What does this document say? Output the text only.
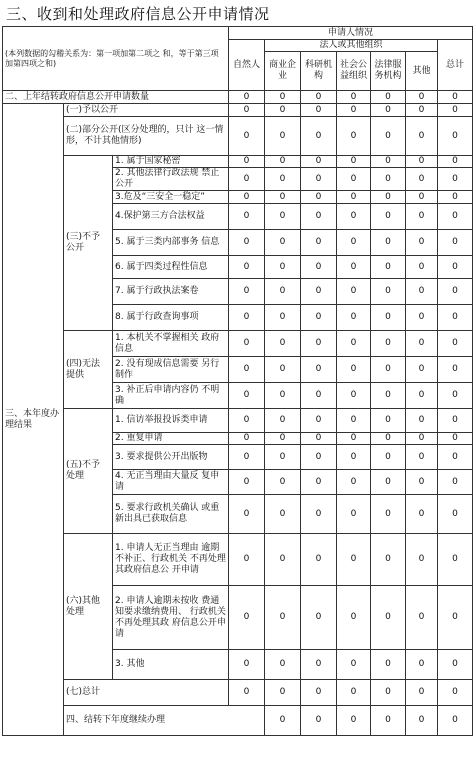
三、收到和处理政府信息公开申请情况
(本列数据的勾稽关系为：第一项加第二项之 和，等于第三项加第四项之和)			申请人情况							
			自然人	法人或其他组织					总计	
				商业企业	科研机构	社会公益组织	法律服务机构	其他		
二、上年结转政府信息公开申请数量			0	0	0	0	0	0	0	
三、本年度办理结果	(一)予以公开		0	0	0	0	0	0	0	
	(二)部分公开(区分处理的，只计 这一情形，不计其他情形)		0	0	0	0	0	0	0	
	(三)不予 公开	1. 属于国家秘密	0	0	0	0	0	0	0	
		2. 其他法律行政法规 禁止公开	0	0	0	0	0	0	0	
		3.危及“三安全一稳定”	0	0	0	0	0	0	0	
		4.保护第三方合法权益	0	0	0	0	0	0	0	
		5. 属于三类内部事务 信息	0	0	0	0	0	0	0	
		6. 属于四类过程性信息	0	0	0	0	0	0	0	
		7. 属于行政执法案卷	0	0	0	0	0	0	0	
		8. 属于行政查询事项	0	0	0	0	0	0	0	
	(四)无法 提供	1. 本机关不掌握相关 政府信息	0	0	0	0	0	0	0	
		2. 没有现成信息需要 另行制作	0	0	0	0	0	0	0	
		3. 补正后申请内容仍 不明确	0	0	0	0	0	0	0	
	(五)不予 处理	1. 信访举报投诉类申请	0	0	0	0	0	0	0	
		2. 重复申请	0	0	0	0	0	0	0	
		3. 要求提供公开出版物	0	0	0	0	0	0	0	
		4. 无正当理由大量反 复申请	0	0	0	0	0	0	0	
		5. 要求行政机关确认 或重新出具已获取信息	0	0	0	0	0	0	0	
	(六)其他 处理	1. 申请人无正当理由 逾期不补正、行政机关 不再处理其政府信息公 开申请	0	0	0	0	0	0	0	
		2. 申请人逾期未按收 费通知要求缴纳费用、 行政机关不再处理其政 府信息公开申请	0	0	0	0	0	0	0	
		3. 其他	0	0	0	0	0	0	0	
	(七)总计		0	0	0	0	0	0	0	
	四、结转下年度继续办理			0	0	0	0	0	0	
